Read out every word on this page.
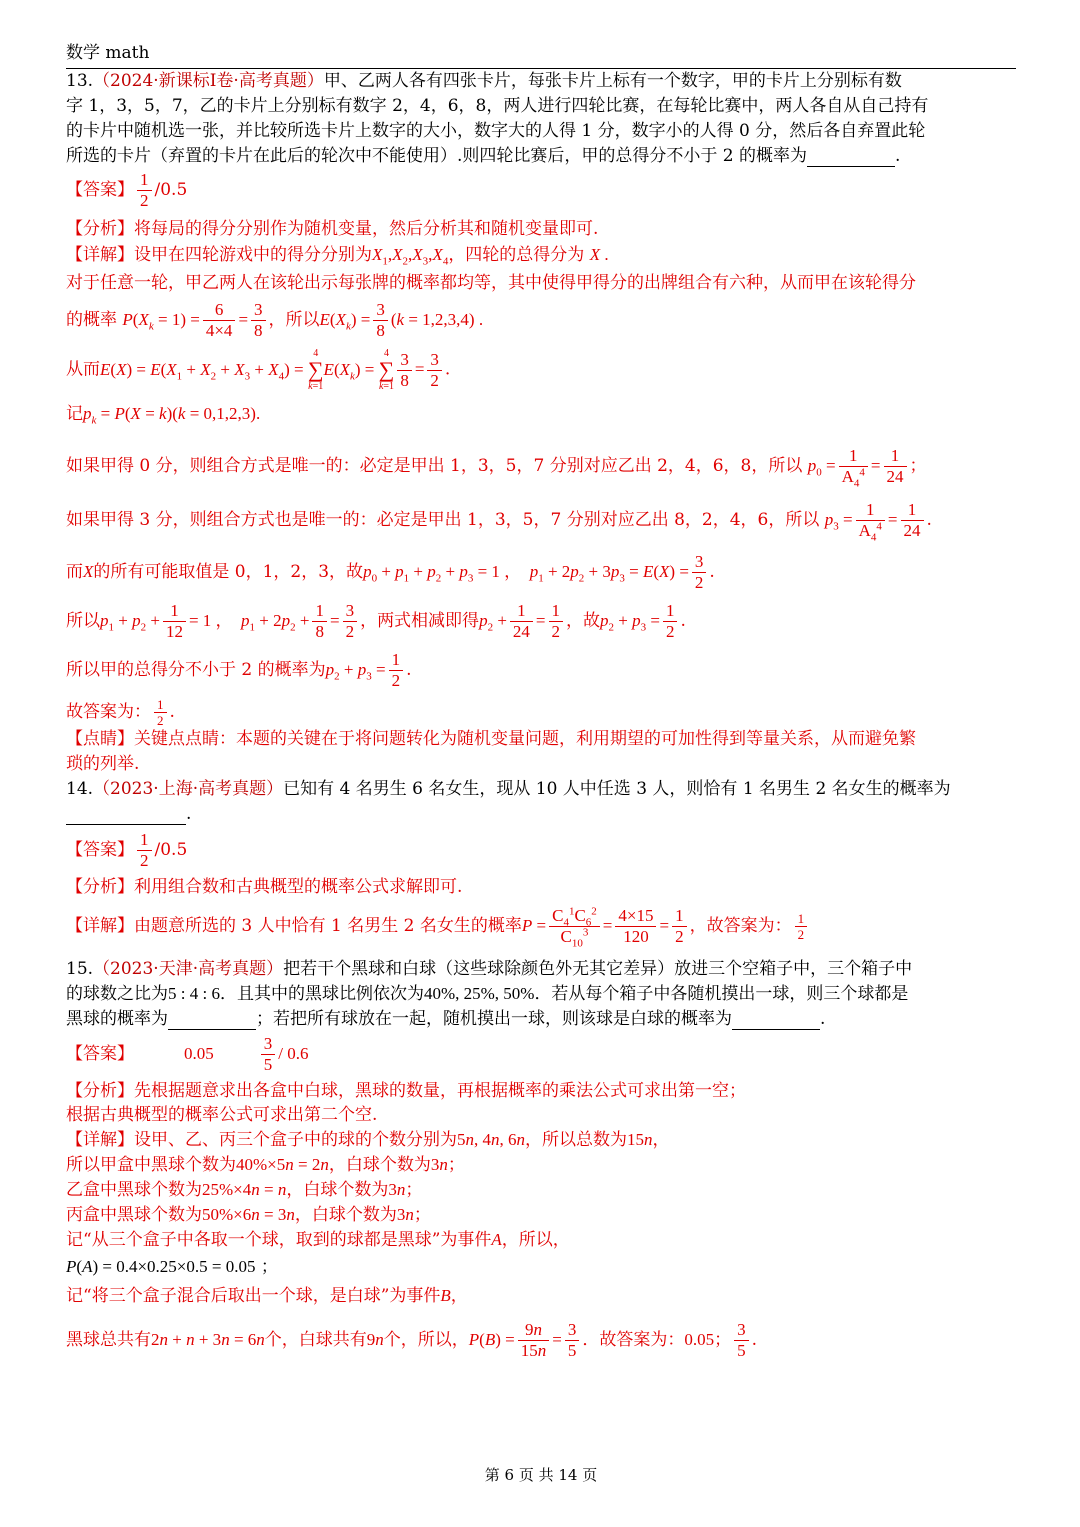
数学 math
13.（2024·新课标Ⅰ卷·高考真题）甲、乙两人各有四张卡片，每张卡片上标有一个数字，甲的卡片上分别标有数
字 1，3，5，7，乙的卡片上分别标有数字 2，4，6，8，两人进行四轮比赛，在每轮比赛中，两人各自从自己持有
的卡片中随机选一张，并比较所选卡片上数字的大小，数字大的人得 1 分，数字小的人得 0 分，然后各自弃置此轮
所选的卡片（弃置的卡片在此后的轮次中不能使用）.则四轮比赛后，甲的总得分不小于 2 的概率为	.
【答案】 $\frac{1}{2} /0.5$
【分析】将每局的得分分别作为随机变量，然后分析其和随机变量即可.
【详解】设甲在四轮游戏中的得分分别为$X_1,X_2,X_3,X_4$，四轮的总得分为 X .
对于任意一轮，甲乙两人在该轮出示每张牌的概率都均等，其中使得甲得分的出牌组合有六种，从而甲在该轮得分
的概率 $P(X_k = 1) = \frac{6}{4\times 4} = \frac{3}{8}$ ，所以$E(X_k) = \frac{3}{8} (k = 1,2,3,4)$ .
从而$E(X) = E(X_1 + X_2 + X_3 + X_4)$ =
4
∑
k=1
$E(X_k)$ =
4
∑
$k=1 \frac{3}{8} = \frac{3}{2}$ .
记$p_k = P(X = k)(k = 0,1,2,3)$.
如果甲得 0 分，则组合方式是唯一的：必定是甲出 1，3，5，7 分别对应乙出 2，4，6，8，所以 $p_0 = \frac{1}{A_4^4} = \frac{1}{24}$ ；
如果甲得 3 分，则组合方式也是唯一的：必定是甲出 1，3，5，7 分别对应乙出 8，2，4，6，所以 $p_3 = \frac{1}{A_4^4} = \frac{1}{24}$ .
而X的所有可能取值是 0，1，2，3，故$p_0 + p_1 + p_2 + p_3 = 1$ ，  $p_1 + 2p_2 + 3p_3 = E(X) = \frac{3}{2}$ .
所以$p_1 + p_2 + \frac{1}{12} = 1$ ，  $p_1 + 2p_2 + \frac{1}{8} = \frac{3}{2}$ ，两式相减即得$p_2 + \frac{1}{24} = \frac{1}{2}$ ，故$p_2 + p_3 = \frac{1}{2}$ .
所以甲的总得分不小于 2 的概率为$p_2 + p_3 = \frac{1}{2}$ .
故答案为： $\frac{1}{2}$ .
【点睛】关键点点睛：本题的关键在于将问题转化为随机变量问题，利用期望的可加性得到等量关系，从而避免繁
琐的列举.
14.（2023·上海·高考真题）已知有 4 名男生 6 名女生，现从 10 人中任选 3 人，则恰有 1 名男生 2 名女生的概率为
.
【答案】 $\frac{1}{2} /0.5$
【分析】利用组合数和古典概型的概率公式求解即可.
【详解】由题意所选的 3 人中恰有 1 名男生 2 名女生的概率$P = \frac{C_4^1C_6^2}{C_{10}^3} = \frac{4\times 15}{120} = \frac{1}{2}$ ，故答案为： $\frac{1}{2}$
15.（2023·天津·高考真题）把若干个黑球和白球（这些球除颜色外无其它差异）放进三个空箱子中，三个箱子中
的球数之比为5 : 4 : 6．且其中的黑球比例依次为40%, 25%, 50%．若从每个箱子中各随机摸出一球，则三个球都是
黑球的概率为	；若把所有球放在一起，随机摸出一球，则该球是白球的概率为	.
【答案】	0.05	$\frac{3}{5} / 0.6$
【分析】先根据题意求出各盒中白球，黑球的数量，再根据概率的乘法公式可求出第一空；
根据古典概型的概率公式可求出第二个空.
【详解】设甲、乙、丙三个盒子中的球的个数分别为5n, 4n, 6n，所以总数为15n，
所以甲盒中黑球个数为40%×5n = 2n，白球个数为3n；
乙盒中黑球个数为25%×4n = n，白球个数为3n；
丙盒中黑球个数为50%×6n = 3n，白球个数为3n；
记“从三个盒子中各取一个球，取到的球都是黑球”为事件A，所以，
P(A) = 0.4×0.25×0.5 = 0.05 ；
记“将三个盒子混合后取出一个球，是白球”为事件B，
黑球总共有2n + n + 3n = 6n个，白球共有9n个，所以，$P(B) = \frac{9n}{15n} = \frac{3}{5}$ ．故答案为：0.05； $\frac{3}{5}$ .
第 6 页 共 14 页
